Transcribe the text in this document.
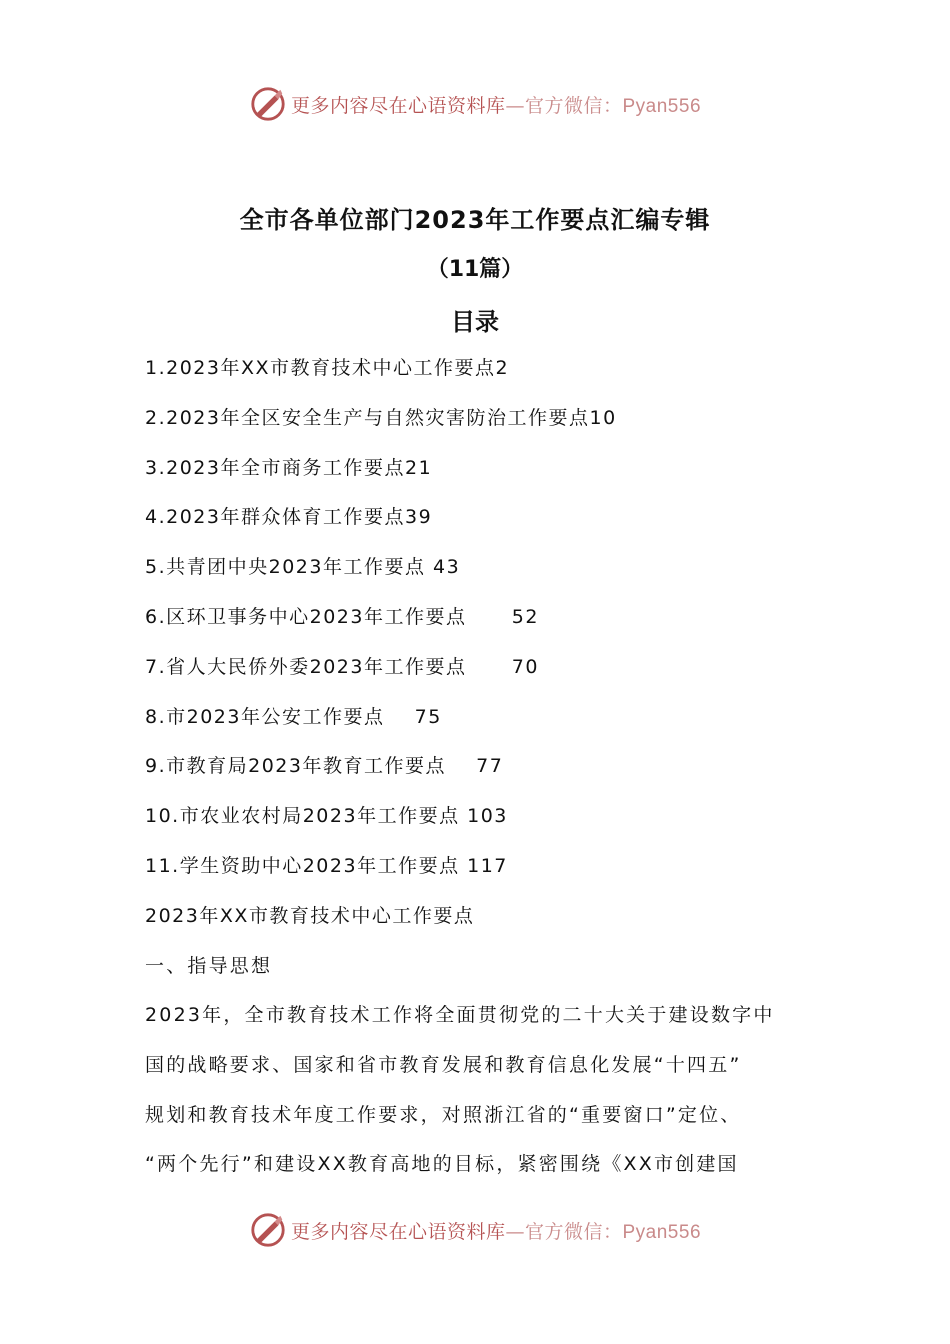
更多内容尽在心语资料库—官方微信：Pyan556
全市各单位部门2023年工作要点汇编专辑
（11篇）
目录
1.2023年XX市教育技术中心工作要点2
2.2023年全区安全生产与自然灾害防治工作要点10
3.2023年全市商务工作要点21
4.2023年群众体育工作要点39
5.共青团中央2023年工作要点 43
6.区环卫事务中心2023年工作要点      52
7.省人大民侨外委2023年工作要点      70
8.市2023年公安工作要点    75
9.市教育局2023年教育工作要点    77
10.市农业农村局2023年工作要点 103
11.学生资助中心2023年工作要点 117
2023年XX市教育技术中心工作要点
一、指导思想
2023年，全市教育技术工作将全面贯彻党的二十大关于建设数字中
国的战略要求、国家和省市教育发展和教育信息化发展“十四五”
规划和教育技术年度工作要求，对照浙江省的“重要窗口”定位、
“两个先行”和建设XX教育高地的目标，紧密围绕《XX市创建国
更多内容尽在心语资料库—官方微信：Pyan556
